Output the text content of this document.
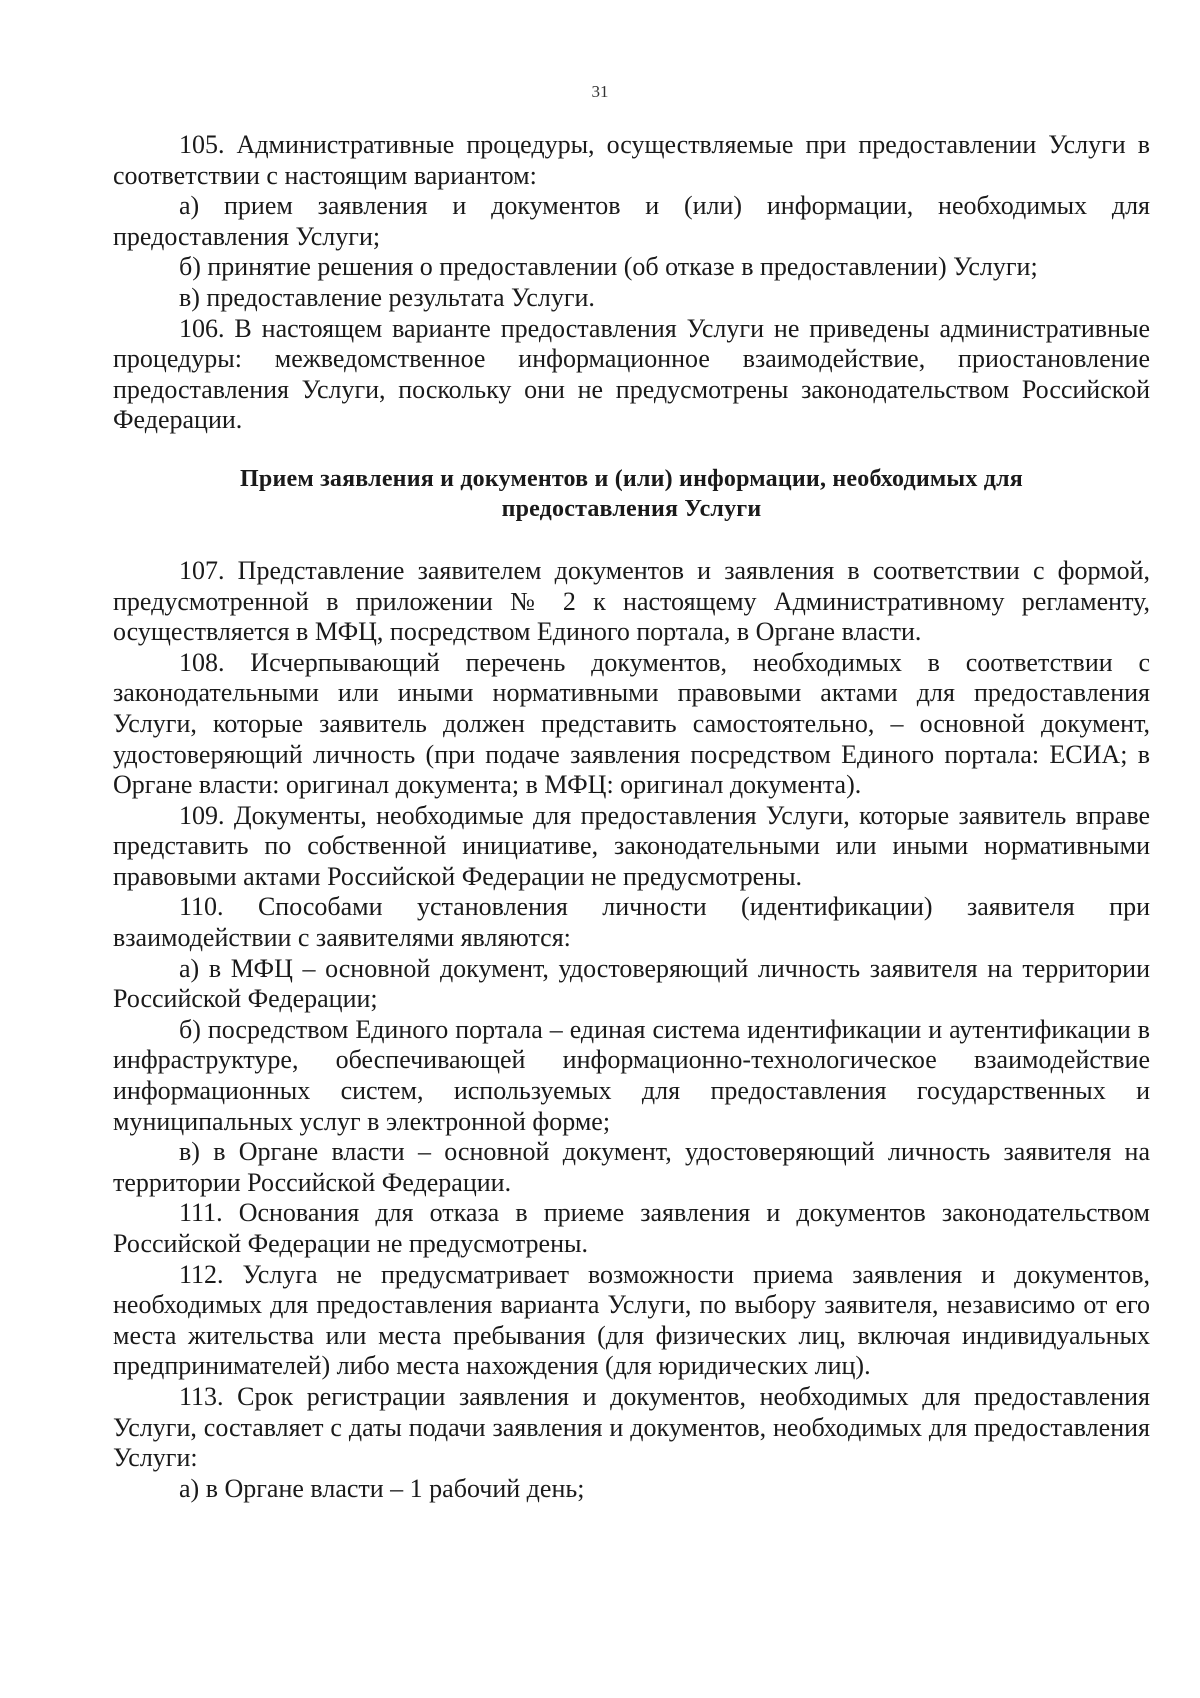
31

105. Административные процедуры, осуществляемые при предоставлении Услуги в соответствии с настоящим вариантом:

а) прием заявления и документов и (или) информации, необходимых для предоставления Услуги;

б) принятие решения о предоставлении (об отказе в предоставлении) Услуги;

в) предоставление результата Услуги.

106. В настоящем варианте предоставления Услуги не приведены административные процедуры: межведомственное информационное взаимодействие, приостановление предоставления Услуги, поскольку они не предусмотрены законодательством Российской Федерации.

Прием заявления и документов и (или) информации, необходимых для
предоставления Услуги

107. Представление заявителем документов и заявления в соответствии с формой, предусмотренной в приложении № 2 к настоящему Административному регламенту, осуществляется в МФЦ, посредством Единого портала, в Органе власти.

108. Исчерпывающий перечень документов, необходимых в соответствии с законодательными или иными нормативными правовыми актами для предоставления Услуги, которые заявитель должен представить самостоятельно, – основной документ, удостоверяющий личность (при подаче заявления посредством Единого портала: ЕСИА; в Органе власти: оригинал документа; в МФЦ: оригинал документа).

109. Документы, необходимые для предоставления Услуги, которые заявитель вправе представить по собственной инициативе, законодательными или иными нормативными правовыми актами Российской Федерации не предусмотрены.

110. Способами установления личности (идентификации) заявителя при взаимодействии с заявителями являются:

а) в МФЦ – основной документ, удостоверяющий личность заявителя на территории Российской Федерации;

б) посредством Единого портала – единая система идентификации и аутентификации в инфраструктуре, обеспечивающей информационно-технологическое взаимодействие информационных систем, используемых для предоставления государственных и муниципальных услуг в электронной форме;

в) в Органе власти – основной документ, удостоверяющий личность заявителя на территории Российской Федерации.

111. Основания для отказа в приеме заявления и документов законодательством Российской Федерации не предусмотрены.

112. Услуга не предусматривает возможности приема заявления и документов, необходимых для предоставления варианта Услуги, по выбору заявителя, независимо от его места жительства или места пребывания (для физических лиц, включая индивидуальных предпринимателей) либо места нахождения (для юридических лиц).

113. Срок регистрации заявления и документов, необходимых для предоставления Услуги, составляет с даты подачи заявления и документов, необходимых для предоставления Услуги:

а) в Органе власти – 1 рабочий день;
